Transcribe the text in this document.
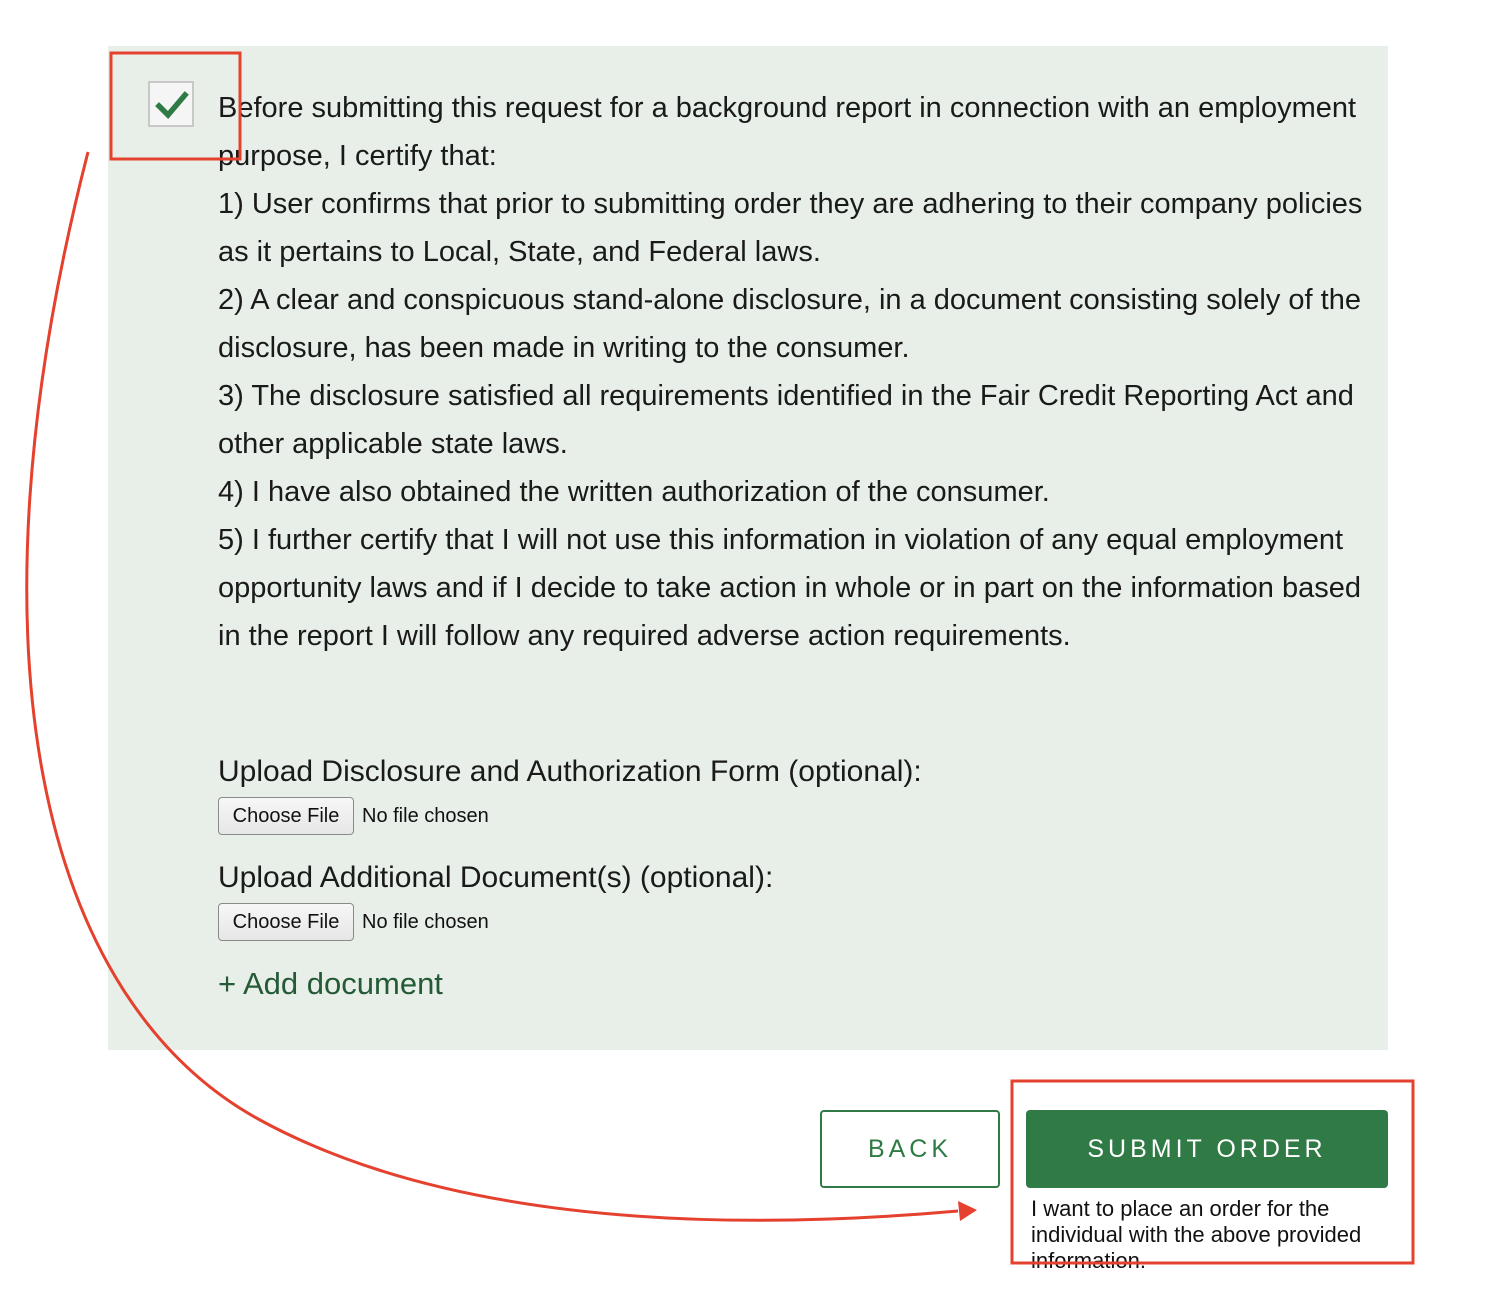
Before submitting this request for a background report in connection with an employment purpose, I certify that:

1) User confirms that prior to submitting order they are adhering to their company policies as it pertains to Local, State, and Federal laws.

2) A clear and conspicuous stand-alone disclosure, in a document consisting solely of the disclosure, has been made in writing to the consumer.

3) The disclosure satisfied all requirements identified in the Fair Credit Reporting Act and other applicable state laws.

4) I have also obtained the written authorization of the consumer.

5) I further certify that I will not use this information in violation of any equal employment opportunity laws and if I decide to take action in whole or in part on the information based in the report I will follow any required adverse action requirements.

Upload Disclosure and Authorization Form (optional):
Choose File	No file chosen
Upload Additional Document(s) (optional):
Choose File	No file chosen
+ Add document
BACK	SUBMIT ORDER
I want to place an order for the individual with the above provided information.
